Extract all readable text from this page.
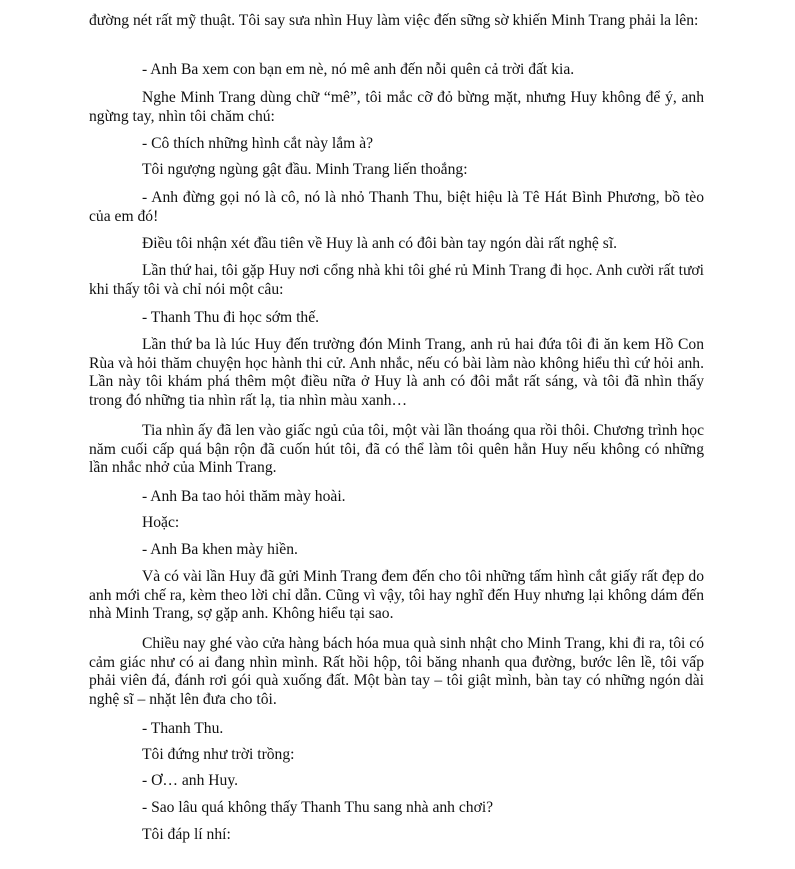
đường nét rất mỹ thuật. Tôi say sưa nhìn Huy làm việc đến sững sờ khiến Minh Trang phải la lên:
- Anh Ba xem con bạn em nè, nó mê anh đến nỗi quên cả trời đất kia.
Nghe Minh Trang dùng chữ “mê”, tôi mắc cỡ đỏ bừng mặt, nhưng Huy không để ý, anh ngừng tay, nhìn tôi chăm chú:
- Cô thích những hình cắt này lắm à?
Tôi ngượng ngùng gật đầu. Minh Trang liến thoắng:
- Anh đừng gọi nó là cô, nó là nhỏ Thanh Thu, biệt hiệu là Tê Hát Bình Phương, bồ tèo của em đó!
Điều tôi nhận xét đầu tiên về Huy là anh có đôi bàn tay ngón dài rất nghệ sĩ.
Lần thứ hai, tôi gặp Huy nơi cổng nhà khi tôi ghé rủ Minh Trang đi học. Anh cười rất tươi khi thấy tôi và chỉ nói một câu:
- Thanh Thu đi học sớm thế.
Lần thứ ba là lúc Huy đến trường đón Minh Trang, anh rủ hai đứa tôi đi ăn kem Hồ Con Rùa và hỏi thăm chuyện học hành thi cử. Anh nhắc, nếu có bài làm nào không hiểu thì cứ hỏi anh. Lần này tôi khám phá thêm một điều nữa ở Huy là anh có đôi mắt rất sáng, và tôi đã nhìn thấy trong đó những tia nhìn rất lạ, tia nhìn màu xanh…
Tia nhìn ấy đã len vào giấc ngủ của tôi, một vài lần thoáng qua rồi thôi. Chương trình học năm cuối cấp quá bận rộn đã cuốn hút tôi, đã có thể làm tôi quên hẳn Huy nếu không có những lần nhắc nhở của Minh Trang.
- Anh Ba tao hỏi thăm mày hoài.
Hoặc:
- Anh Ba khen mày hiền.
Và có vài lần Huy đã gửi Minh Trang đem đến cho tôi những tấm hình cắt giấy rất đẹp do anh mới chế ra, kèm theo lời chỉ dẫn. Cũng vì vậy, tôi hay nghĩ đến Huy nhưng lại không dám đến nhà Minh Trang, sợ gặp anh. Không hiểu tại sao.
Chiều nay ghé vào cửa hàng bách hóa mua quà sinh nhật cho Minh Trang, khi đi ra, tôi có cảm giác như có ai đang nhìn mình. Rất hồi hộp, tôi băng nhanh qua đường, bước lên lề, tôi vấp phải viên đá, đánh rơi gói quà xuống đất. Một bàn tay – tôi giật mình, bàn tay có những ngón dài nghệ sĩ – nhặt lên đưa cho tôi.
- Thanh Thu.
Tôi đứng như trời trồng:
- Ơ… anh Huy.
- Sao lâu quá không thấy Thanh Thu sang nhà anh chơi?
Tôi đáp lí nhí:
